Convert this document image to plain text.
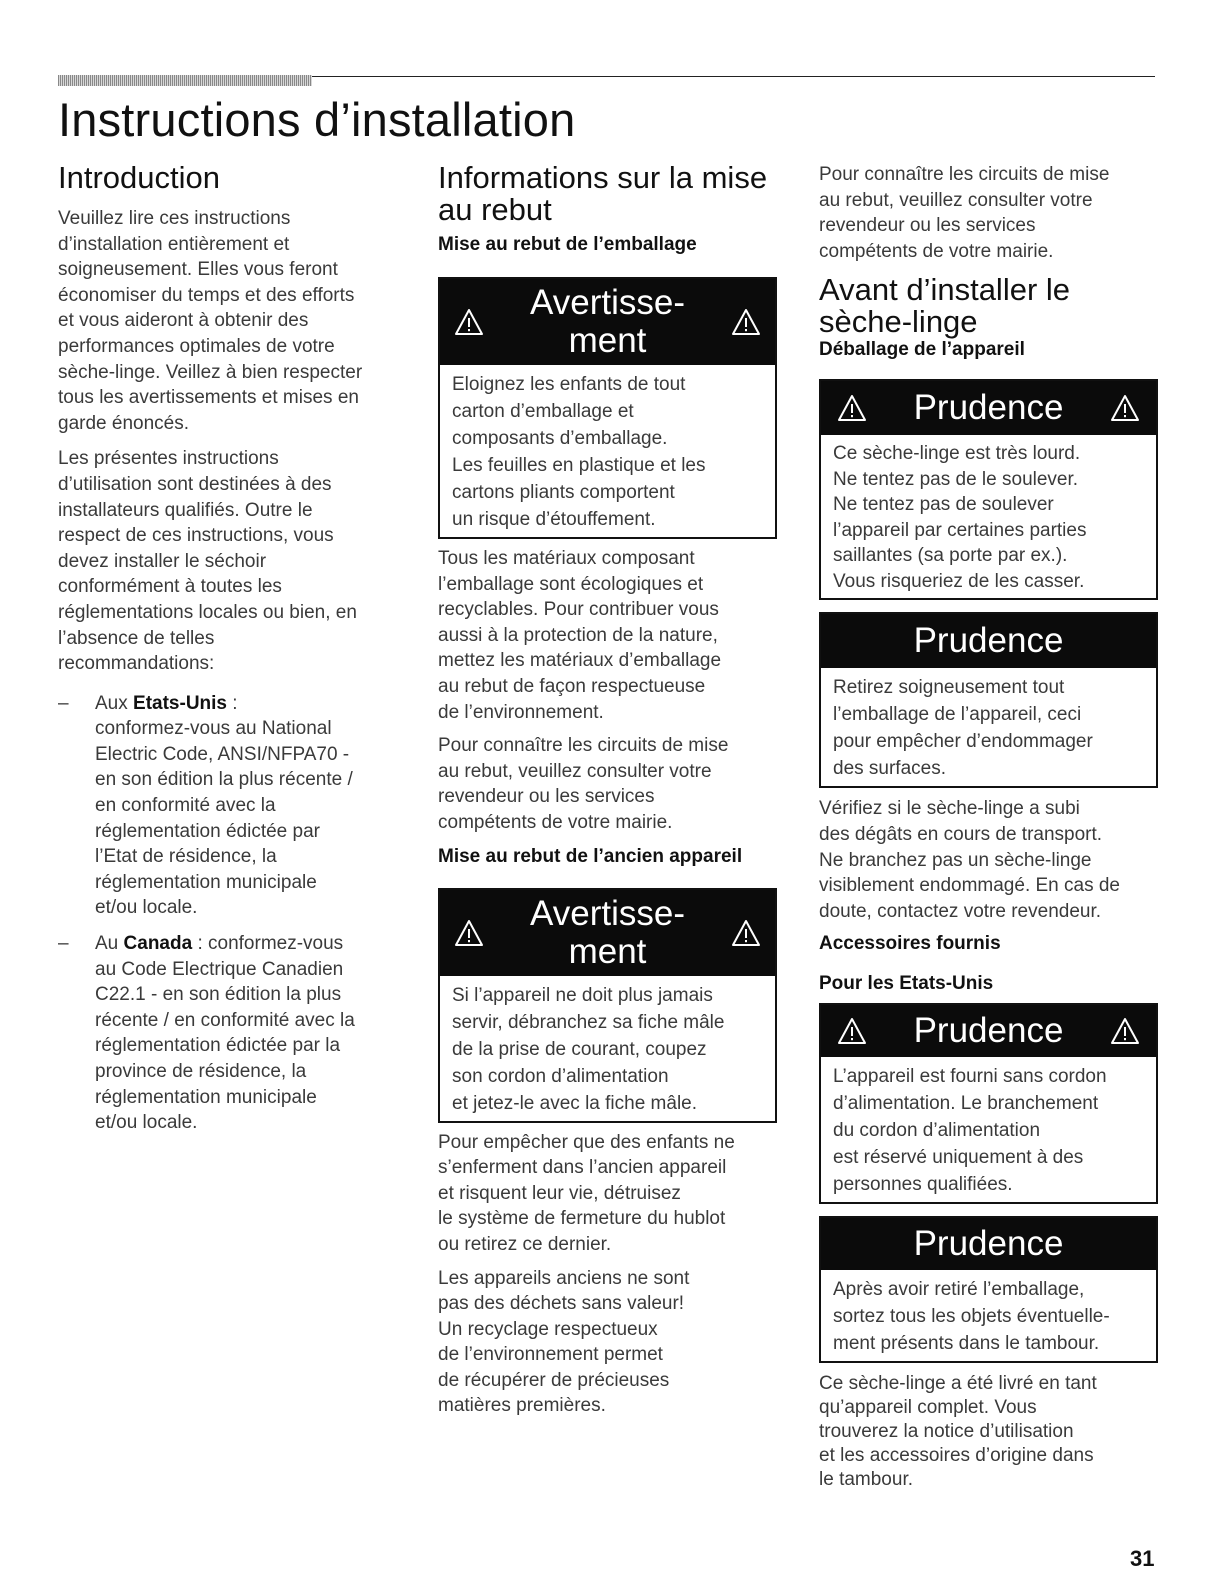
Instructions d’installation
Introduction

Veuillez lire ces instructions
d’installation entièrement et
soigneusement. Elles vous feront
économiser du temps et des efforts
et vous aideront à obtenir des
performances optimales de votre
sèche-linge. Veillez à bien respecter
tous les avertissements et mises en
garde énoncés.

Les présentes instructions
d’utilisation sont destinées à des
installateurs qualifiés. Outre le
respect de ces instructions, vous
devez installer le séchoir
conformément à toutes les
réglementations locales ou bien, en
l’absence de telles
recommandations:

– Aux Etats-Unis :
conformez-vous au National
Electric Code, ANSI/NFPA70 -
en son édition la plus récente /
en conformité avec la
réglementation édictée par
l’Etat de résidence, la
réglementation municipale
et/ou locale.
– Au Canada : conformez-vous
au Code Electrique Canadien
C22.1 - en son édition la plus
récente / en conformité avec la
réglementation édictée par la
province de résidence, la
réglementation municipale
et/ou locale.
Informations sur la mise au rebut
Mise au rebut de l’emballage
Avertisse-
ment
Eloignez les enfants de tout
carton d’emballage et
composants d’emballage.
Les feuilles en plastique et les
cartons pliants comportent
un risque d’étouffement.

Tous les matériaux composant
l’emballage sont écologiques et
recyclables. Pour contribuer vous
aussi à la protection de la nature,
mettez les matériaux d’emballage
au rebut de façon respectueuse
de l’environnement.

Pour connaître les circuits de mise
au rebut, veuillez consulter votre
revendeur ou les services
compétents de votre mairie.

Mise au rebut de l’ancien appareil
Avertisse-
ment
Si l’appareil ne doit plus jamais
servir, débranchez sa fiche mâle
de la prise de courant, coupez
son cordon d’alimentation
et jetez-le avec la fiche mâle.

Pour empêcher que des enfants ne
s’enferment dans l’ancien appareil
et risquent leur vie, détruisez
le système de fermeture du hublot
ou retirez ce dernier.

Les appareils anciens ne sont
pas des déchets sans valeur!
Un recyclage respectueux
de l’environnement permet
de récupérer de précieuses
matières premières.

Pour connaître les circuits de mise
au rebut, veuillez consulter votre
revendeur ou les services
compétents de votre mairie.

Avant d’installer le sèche-linge
Déballage de l’appareil
Prudence
Ce sèche-linge est très lourd.
Ne tentez pas de le soulever.
Ne tentez pas de soulever
l’appareil par certaines parties
saillantes (sa porte par ex.).
Vous risqueriez de les casser.
Prudence
Retirez soigneusement tout
l’emballage de l’appareil, ceci
pour empêcher d’endommager
des surfaces.

Vérifiez si le sèche-linge a subi
des dégâts en cours de transport.
Ne branchez pas un sèche-linge
visiblement endommagé. En cas de
doute, contactez votre revendeur.

Accessoires fournis
Pour les Etats-Unis
Prudence
L’appareil est fourni sans cordon
d’alimentation. Le branchement
du cordon d’alimentation
est réservé uniquement à des
personnes qualifiées.
Prudence
Après avoir retiré l’emballage,
sortez tous les objets éventuelle-
ment présents dans le tambour.

Ce sèche-linge a été livré en tant
qu’appareil complet. Vous
trouverez la notice d’utilisation
et les accessoires d’origine dans
le tambour.

31
